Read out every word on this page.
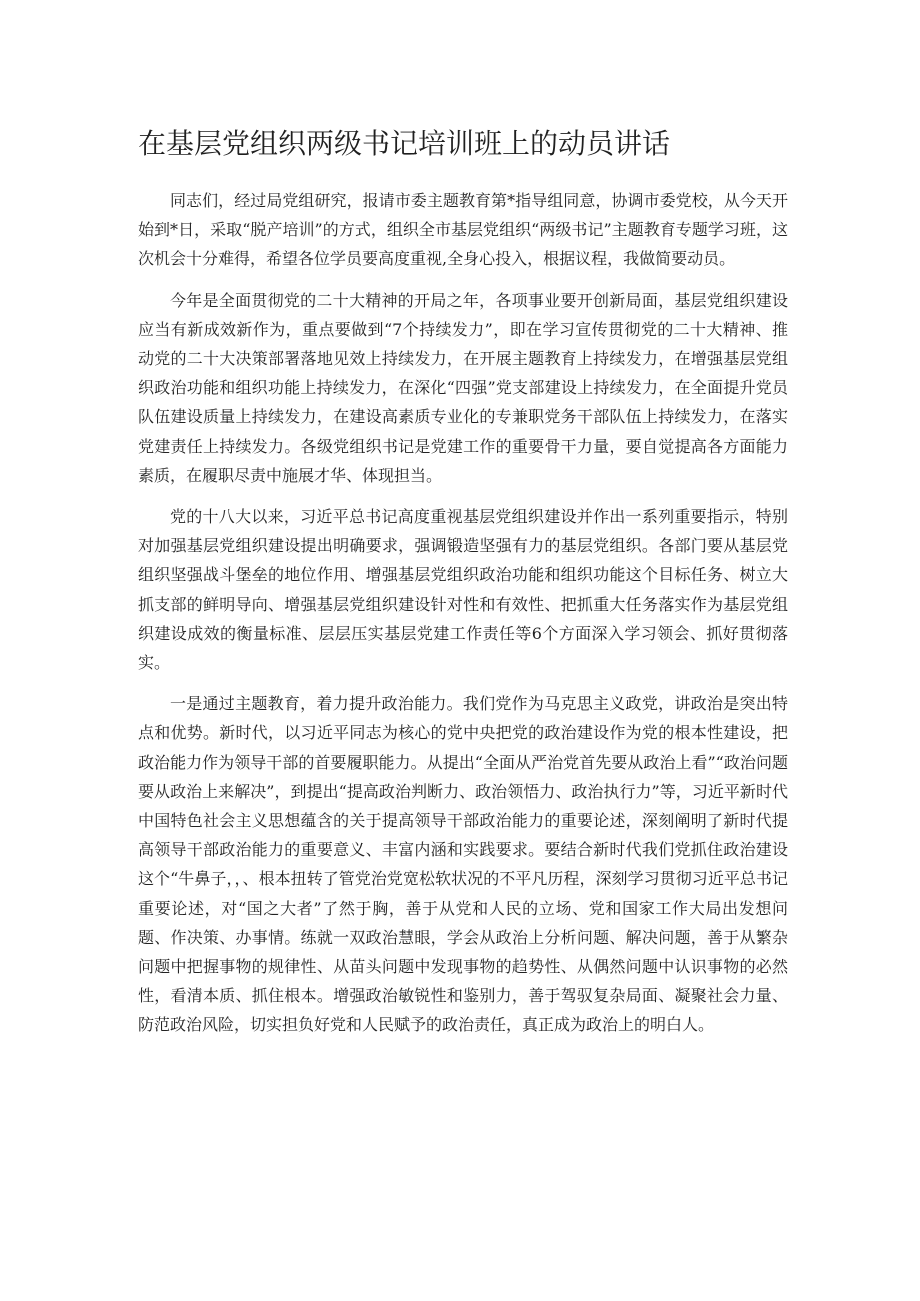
在基层党组织两级书记培训班上的动员讲话

同志们，经过局党组研究，报请市委主题教育第*指导组同意，协调市委党校，从今天开始到*日，采取“脱产培训”的方式，组织全市基层党组织“两级书记”主题教育专题学习班，这次机会十分难得，希望各位学员要高度重视,全身心投入，根据议程，我做简要动员。

今年是全面贯彻党的二十大精神的开局之年，各项事业要开创新局面，基层党组织建设应当有新成效新作为，重点要做到“7个持续发力”，即在学习宣传贯彻党的二十大精神、推动党的二十大决策部署落地见效上持续发力，在开展主题教育上持续发力，在增强基层党组织政治功能和组织功能上持续发力，在深化“四强”党支部建设上持续发力，在全面提升党员队伍建设质量上持续发力，在建设高素质专业化的专兼职党务干部队伍上持续发力，在落实党建责任上持续发力。各级党组织书记是党建工作的重要骨干力量，要自觉提高各方面能力素质，在履职尽责中施展才华、体现担当。

党的十八大以来，习近平总书记高度重视基层党组织建设并作出一系列重要指示，特别对加强基层党组织建设提出明确要求，强调锻造坚强有力的基层党组织。各部门要从基层党组织坚强战斗堡垒的地位作用、增强基层党组织政治功能和组织功能这个目标任务、树立大抓支部的鲜明导向、增强基层党组织建设针对性和有效性、把抓重大任务落实作为基层党组织建设成效的衡量标准、层层压实基层党建工作责任等6个方面深入学习领会、抓好贯彻落实。

一是通过主题教育，着力提升政治能力。我们党作为马克思主义政党，讲政治是突出特点和优势。新时代，以习近平同志为核心的党中央把党的政治建设作为党的根本性建设，把政治能力作为领导干部的首要履职能力。从提出“全面从严治党首先要从政治上看”“政治问题要从政治上来解决”，到提出“提高政治判断力、政治领悟力、政治执行力”等，习近平新时代中国特色社会主义思想蕴含的关于提高领导干部政治能力的重要论述，深刻阐明了新时代提高领导干部政治能力的重要意义、丰富内涵和实践要求。要结合新时代我们党抓住政治建设这个“牛鼻子，，、根本扭转了管党治党宽松软状况的不平凡历程，深刻学习贯彻习近平总书记重要论述，对“国之大者”了然于胸，善于从党和人民的立场、党和国家工作大局出发想问题、作决策、办事情。练就一双政治慧眼，学会从政治上分析问题、解决问题，善于从繁杂问题中把握事物的规律性、从苗头问题中发现事物的趋势性、从偶然问题中认识事物的必然性，看清本质、抓住根本。增强政治敏锐性和鉴别力，善于驾驭复杂局面、凝聚社会力量、防范政治风险，切实担负好党和人民赋予的政治责任，真正成为政治上的明白人。
